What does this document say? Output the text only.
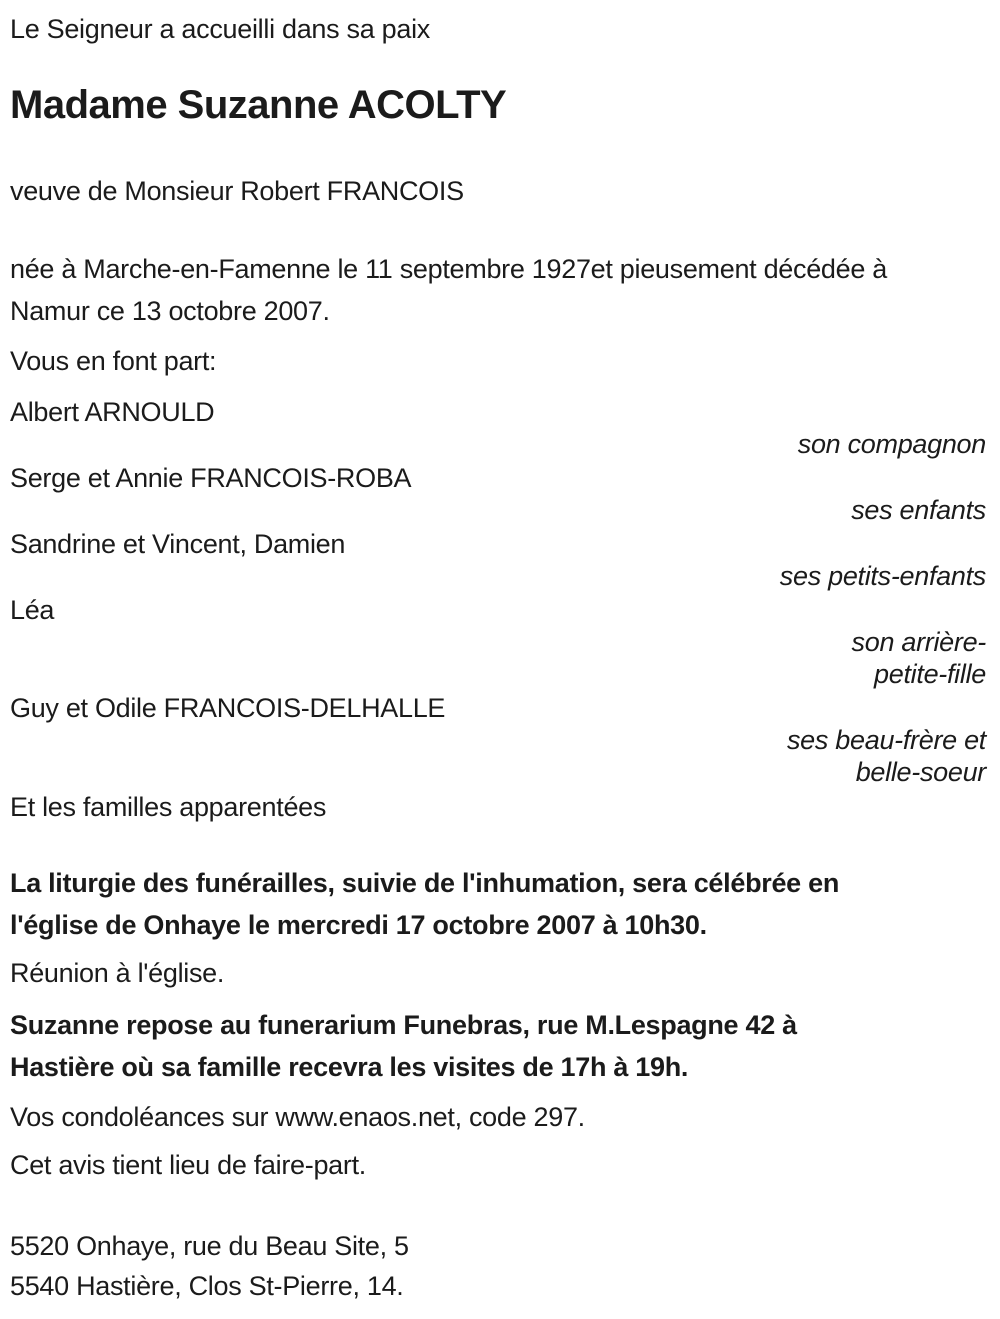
Le Seigneur a accueilli dans sa paix
Madame Suzanne ACOLTY
veuve de Monsieur Robert FRANCOIS
née à Marche-en-Famenne le 11 septembre 1927et pieusement décédée à
Namur ce 13 octobre 2007.
Vous en font part:
Albert ARNOULD
son compagnon
Serge et Annie FRANCOIS-ROBA
ses enfants
Sandrine et Vincent, Damien
ses petits-enfants
Léa
son arrière-
petite-fille
Guy et Odile FRANCOIS-DELHALLE
ses beau-frère et
belle-soeur
Et les familles apparentées
La liturgie des funérailles, suivie de l'inhumation, sera célébrée en
l'église de Onhaye le mercredi 17 octobre 2007 à 10h30.
Réunion à l'église.
Suzanne repose au funerarium Funebras, rue M.Lespagne 42 à
Hastière où sa famille recevra les visites de 17h à 19h.
Vos condoléances sur www.enaos.net, code 297.
Cet avis tient lieu de faire-part.
5520 Onhaye, rue du Beau Site, 5
5540 Hastière, Clos St-Pierre, 14.
